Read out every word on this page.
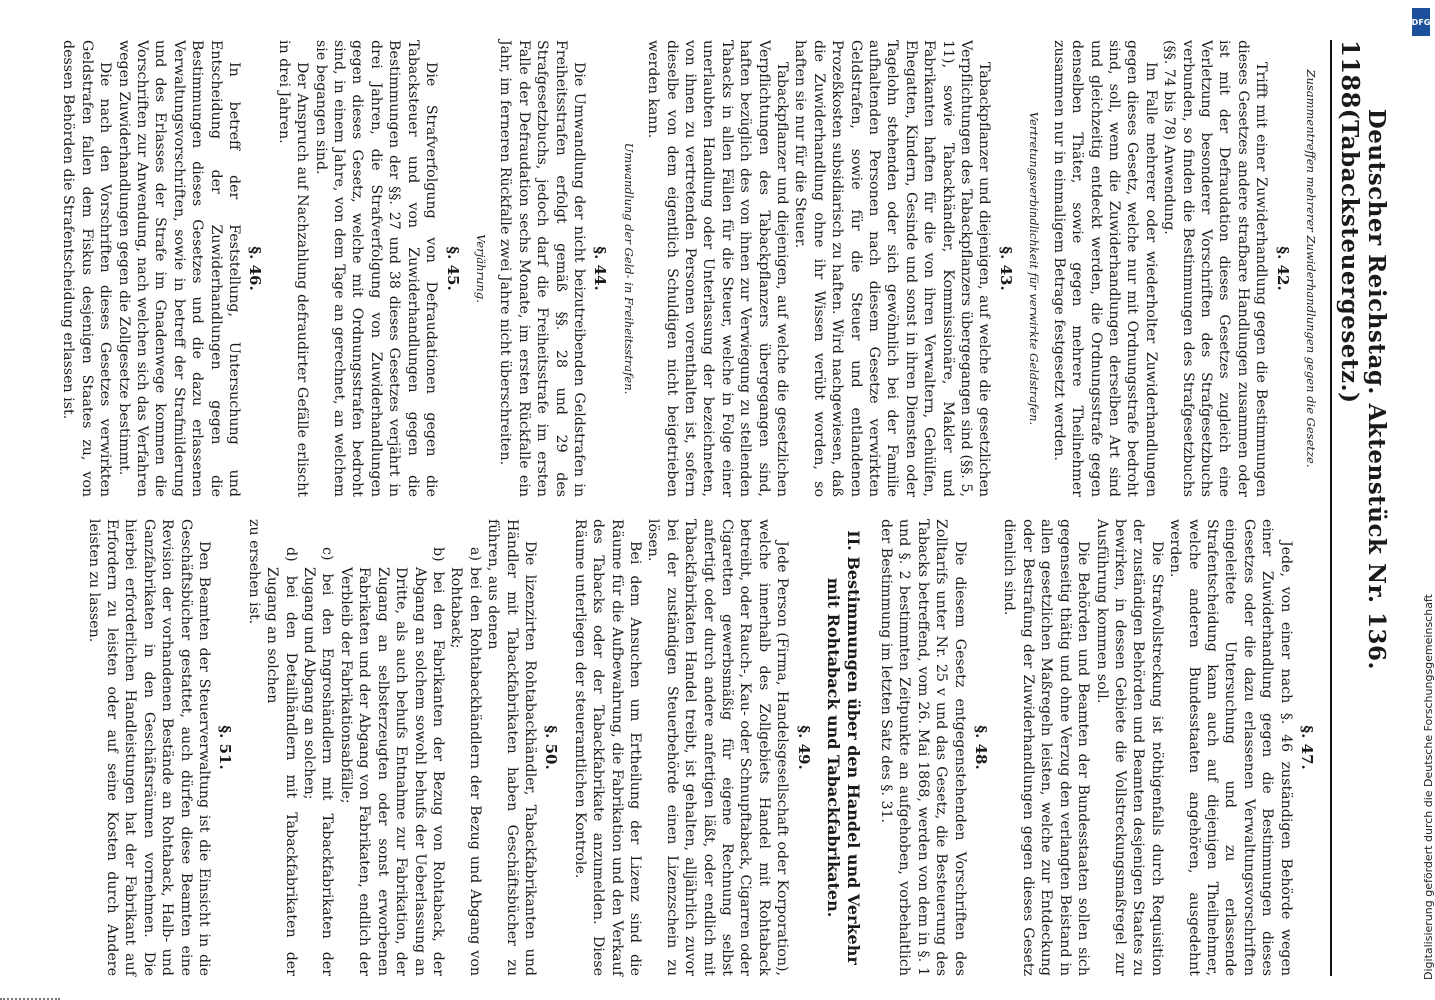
1188
Deutscher Reichstag. Aktenstück Nr. 136. (Tabacksteuergesetz.)
Zusammentreffen mehrerer Zuwiderhandlungen gegen die Gesetze.
§. 42.

Trifft mit einer Zuwiderhandlung gegen die Bestimmungen dieses Gesetzes andere strafbare Handlungen zusammen oder ist mit der Defraudation dieses Gesetzes zugleich eine Verletzung besonderer Vorschriften des Strafgesetzbuchs verbunden, so finden die Bestimmungen des Strafgesetzbuchs (§§. 74 bis 78) Anwendung.

Im Falle mehrerer oder wiederholter Zuwiderhandlungen gegen dieses Gesetz, welche nur mit Ordnungsstrafe bedroht sind, soll, wenn die Zuwiderhandlungen derselben Art sind und gleichzeitig entdeckt werden, die Ordnungsstrafe gegen denselben Thäter, sowie gegen mehrere Theilnehmer zusammen nur in einmaligem Betrage festgesetzt werden.

Vertretungsverbindlichkeit für verwirkte Geldstrafen.
§. 43.

Tabackpflanzer und diejenigen, auf welche die gesetzlichen Verpflichtungen des Tabackpflanzers übergegangen sind (§§. 5, 11), sowie Tabackhändler, Kommissionäre, Makler und Fabrikanten haften für die von ihren Verwaltern, Gehülfen, Ehegatten, Kindern, Gesinde und sonst in ihren Diensten oder Tagelohn stehenden oder sich gewöhnlich bei der Familie aufhaltenden Personen nach diesem Gesetze verwirkten Geldstrafen, sowie für die Steuer und entlandenen Prozeßkosten subsidiarisch zu haften. Wird nachgewiesen, daß die Zuwiderhandlung ohne ihr Wissen verübt worden, so haften sie nur für die Steuer.

Tabackpflanzer und diejenigen, auf welche die gesetzlichen Verpflichtungen des Tabackpflanzers übergegangen sind, haften bezüglich des von ihnen zur Verwiegung zu stellenden Tabacks in allen Fällen für die Steuer, welche in Folge einer unerlaubten Handlung oder Unterlassung der bezeichneten, von ihnen zu vertretenden Personen vorenthalten ist, sofern dieselbe von dem eigentlich Schuldigen nicht beigetrieben werden kann.

Umwandlung der Geld- in Freiheitsstrafen.
§. 44.

Die Umwandlung der nicht beizutreibenden Geldstrafen in Freiheitsstrafen erfolgt gemäß §§. 28 und 29 des Strafgesetzbuchs, jedoch darf die Freiheitsstrafe im ersten Falle der Defraudation sechs Monate, im ersten Rückfalle ein Jahr, im ferneren Rückfalle zwei Jahre nicht überschreiten.

Verjährung.
§. 45.

Die Strafverfolgung von Defraudationen gegen die Tabacksteuer und von Zuwiderhandlungen gegen die Bestimmungen der §§. 27 und 38 dieses Gesetzes verjährt in drei Jahren, die Strafverfolgung von Zuwiderhandlungen gegen dieses Gesetz, welche mit Ordnungsstrafen bedroht sind, in einem Jahre, von dem Tage an gerechnet, an welchem sie begangen sind.

Der Anspruch auf Nachzahlung defraudirter Gefälle erlischt in drei Jahren.

§. 46.

In betreff der Feststellung, Untersuchung und Entscheidung der Zuwiderhandlungen gegen die Bestimmungen dieses Gesetzes und die dazu erlassenen Verwaltungsvorschriften, sowie in betreff der Strafmilderung und des Erlasses der Strafe im Gnadenwege kommen die Vorschriften zur Anwendung, nach welchen sich das Verfahren wegen Zuwiderhandlungen gegen die Zollgesetze bestimmt.

Die nach den Vorschriften dieses Gesetzes verwirkten Geldstrafen fallen dem Fiskus desjenigen Staates zu, von dessen Behörden die Strafentscheidung erlassen ist.

§. 47.

Jede, von einer nach §. 46 zuständigen Behörde wegen einer Zuwiderhandlung gegen die Bestimmungen dieses Gesetzes oder die dazu erlassenen Verwaltungsvorschriften eingeleitete Untersuchung und zu erlassende Strafentscheidung kann auch auf diejenigen Theilnehmer, welche anderen Bundesstaaten angehören, ausgedehnt werden.

Die Strafvollstreckung ist nöthigenfalls durch Requisition der zuständigen Behörden und Beamten desjenigen Staates zu bewirken, in dessen Gebiete die Vollstreckungsmaßregel zur Ausführung kommen soll.

Die Behörden und Beamten der Bundesstaaten sollen sich gegenseitig thätig und ohne Verzug den verlangten Beistand in allen gesetzlichen Maßregeln leisten, welche zur Entdeckung oder Bestrafung der Zuwiderhandlungen gegen dieses Gesetz dienlich sind.

§. 48.

Die diesem Gesetz entgegenstehenden Vorschriften des Zolltarifs unter Nr. 25 v und das Gesetz, die Besteuerung des Tabacks betreffend, vom 26. Mai 1868, werden von dem in §. 1 und §. 2 bestimmten Zeitpunkte an aufgehoben, vorbehaltlich der Bestimmung im letzten Satz des §. 31.

II. Bestimmungen über den Handel und Verkehr mit Rohtaback und Tabackfabrikaten.
§. 49.

Jede Person (Firma, Handelsgesellschaft oder Korporation), welche innerhalb des Zollgebiets Handel mit Rohtaback betreibt, oder Rauch-, Kau- oder Schnupftaback, Cigarren oder Cigaretten gewerbsmäßig für eigene Rechnung selbst anfertigt oder durch andere anfertigen läßt, oder endlich mit Tabackfabrikaten Handel treibt, ist gehalten, alljährlich zuvor bei der zuständigen Steuerbehörde einen Lizenzschein zu lösen.

Bei dem Ansuchen um Ertheilung der Lizenz sind die Räume für die Aufbewahrung, die Fabrikation und den Verkauf des Tabacks oder der Tabackfabrikate anzumelden. Diese Räume unterliegen der steueramtlichen Kontrole.

§. 50.

Die lizenzirten Rohtabackhändler, Tabackfabrikanten und Händler mit Tabackfabrikaten haben Geschäftsbücher zu führen, aus denen

a) bei den Rohtabackhändlern der Bezug und Abgang von Rohtaback;
b) bei den Fabrikanten der Bezug von Rohtaback, der Abgang an solchem sowohl behufs der Ueberlassung an Dritte, als auch behufs Entnahme zur Fabrikation, der Zugang an selbsterzeugten oder sonst erworbenen Fabrikaten und der Abgang von Fabrikaten, endlich der Verbleib der Fabrikationsabfälle;
c) bei den Engroshändlern mit Tabackfabrikaten der Zugang und Abgang an solchen;
d) bei den Detailhändlern mit Tabackfabrikaten der Zugang an solchen

zu ersehen ist.

§. 51.

Den Beamten der Steuerverwaltung ist die Einsicht in die Geschäftsbücher gestattet, auch dürfen diese Beamten eine Revision der vorhandenen Bestände an Rohtaback, Halb- und Ganzfabrikaten in den Geschäftsräumen vornehmen. Die hierbei erforderlichen Handleistungen hat der Fabrikant auf Erfordern zu leisten oder auf seine Kosten durch Andere leisten zu lassen.

DFG
Digitalisierung gefördert durch die Deutsche Forschungsgemeinschaft
